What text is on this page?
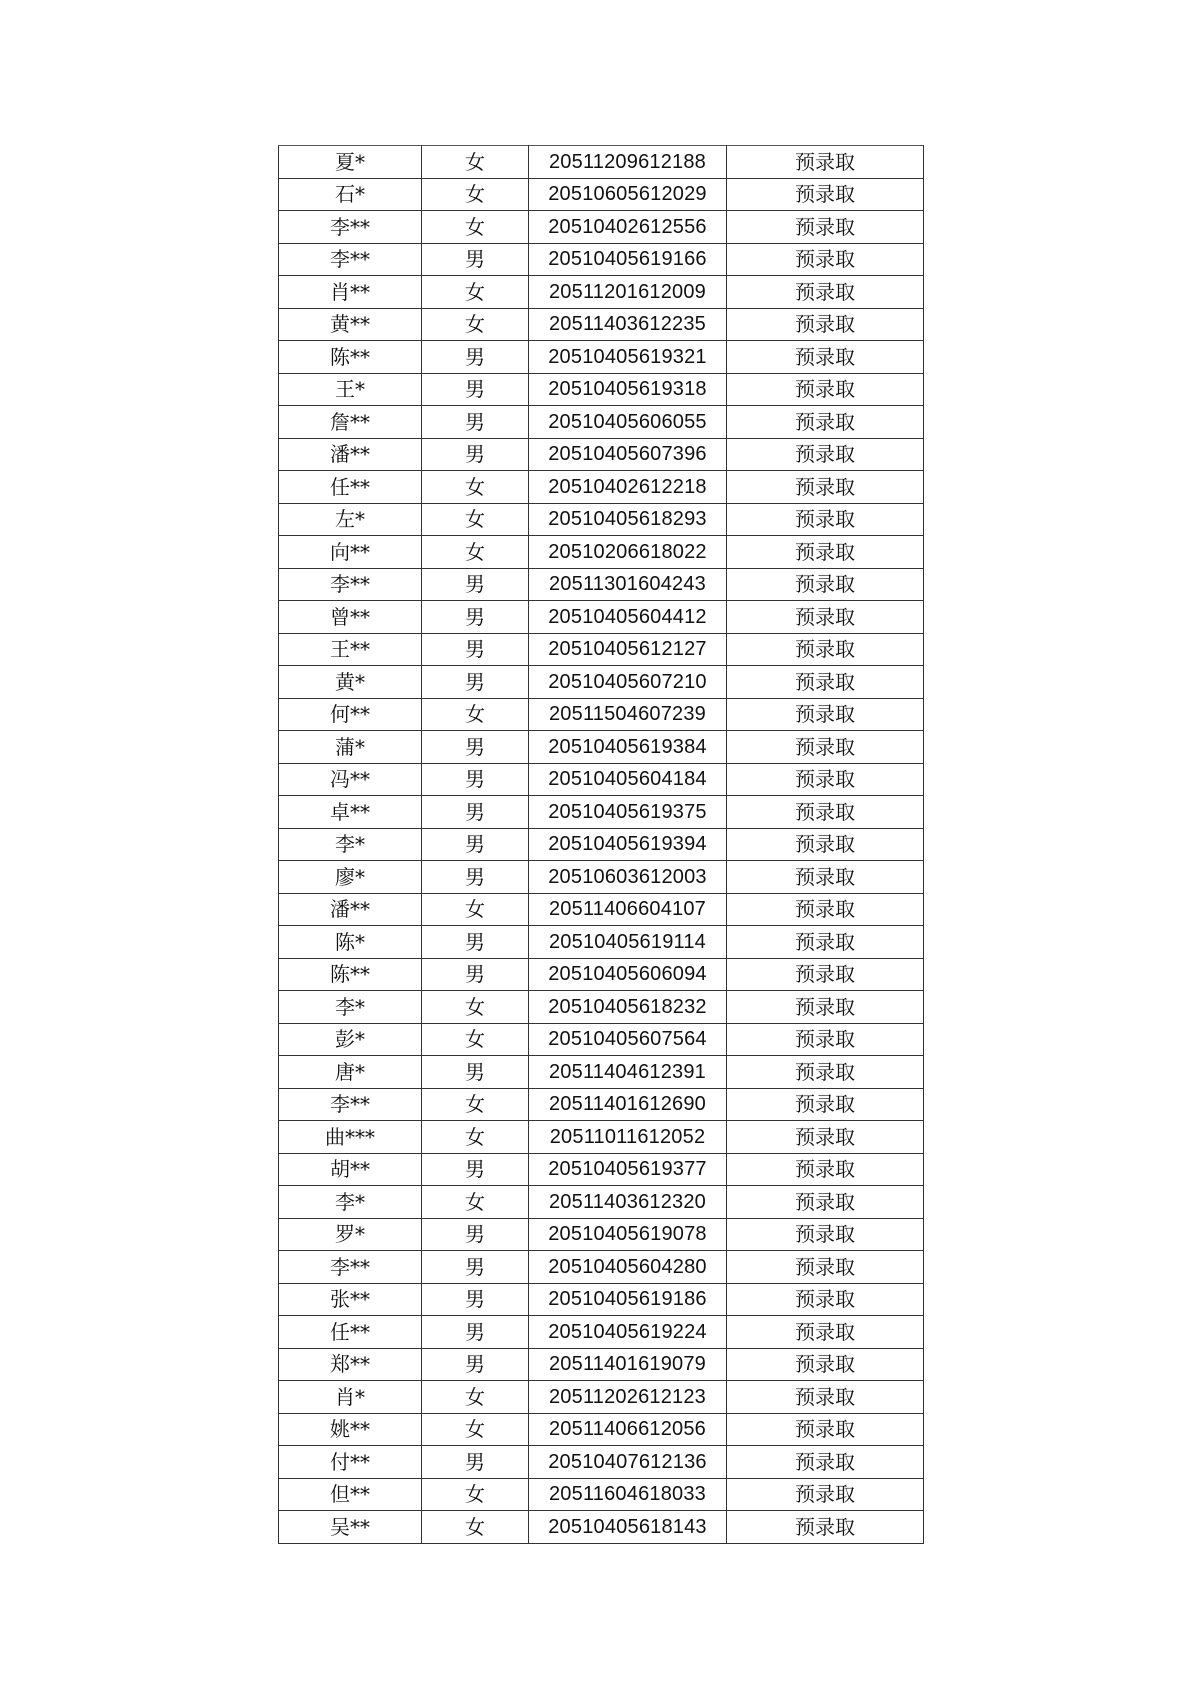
夏*	女	20511209612188	预录取
石*	女	20510605612029	预录取
李**	女	20510402612556	预录取
李**	男	20510405619166	预录取
肖**	女	20511201612009	预录取
黄**	女	20511403612235	预录取
陈**	男	20510405619321	预录取
王*	男	20510405619318	预录取
詹**	男	20510405606055	预录取
潘**	男	20510405607396	预录取
任**	女	20510402612218	预录取
左*	女	20510405618293	预录取
向**	女	20510206618022	预录取
李**	男	20511301604243	预录取
曾**	男	20510405604412	预录取
王**	男	20510405612127	预录取
黄*	男	20510405607210	预录取
何**	女	20511504607239	预录取
蒲*	男	20510405619384	预录取
冯**	男	20510405604184	预录取
卓**	男	20510405619375	预录取
李*	男	20510405619394	预录取
廖*	男	20510603612003	预录取
潘**	女	20511406604107	预录取
陈*	男	20510405619114	预录取
陈**	男	20510405606094	预录取
李*	女	20510405618232	预录取
彭*	女	20510405607564	预录取
唐*	男	20511404612391	预录取
李**	女	20511401612690	预录取
曲***	女	20511011612052	预录取
胡**	男	20510405619377	预录取
李*	女	20511403612320	预录取
罗*	男	20510405619078	预录取
李**	男	20510405604280	预录取
张**	男	20510405619186	预录取
任**	男	20510405619224	预录取
郑**	男	20511401619079	预录取
肖*	女	20511202612123	预录取
姚**	女	20511406612056	预录取
付**	男	20510407612136	预录取
但**	女	20511604618033	预录取
吴**	女	20510405618143	预录取
